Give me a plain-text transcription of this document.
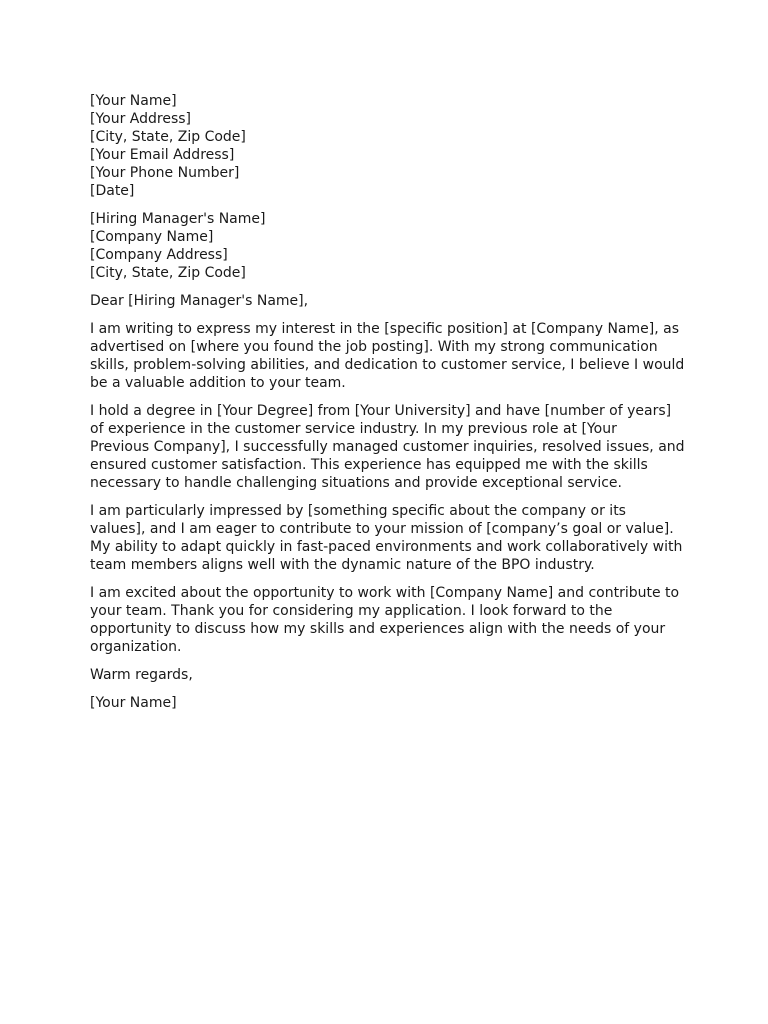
[Your Name]
[Your Address]
[City, State, Zip Code]
[Your Email Address]
[Your Phone Number]
[Date]
[Hiring Manager's Name]
[Company Name]
[Company Address]
[City, State, Zip Code]

Dear [Hiring Manager's Name],

I am writing to express my interest in the [specific position] at [Company Name], as
advertised on [where you found the job posting]. With my strong communication
skills, problem-solving abilities, and dedication to customer service, I believe I would
be a valuable addition to your team.

I hold a degree in [Your Degree] from [Your University] and have [number of years]
of experience in the customer service industry. In my previous role at [Your
Previous Company], I successfully managed customer inquiries, resolved issues, and
ensured customer satisfaction. This experience has equipped me with the skills
necessary to handle challenging situations and provide exceptional service.

I am particularly impressed by [something specific about the company or its
values], and I am eager to contribute to your mission of [company’s goal or value].
My ability to adapt quickly in fast-paced environments and work collaboratively with
team members aligns well with the dynamic nature of the BPO industry.

I am excited about the opportunity to work with [Company Name] and contribute to
your team. Thank you for considering my application. I look forward to the
opportunity to discuss how my skills and experiences align with the needs of your
organization.

Warm regards,

[Your Name]
